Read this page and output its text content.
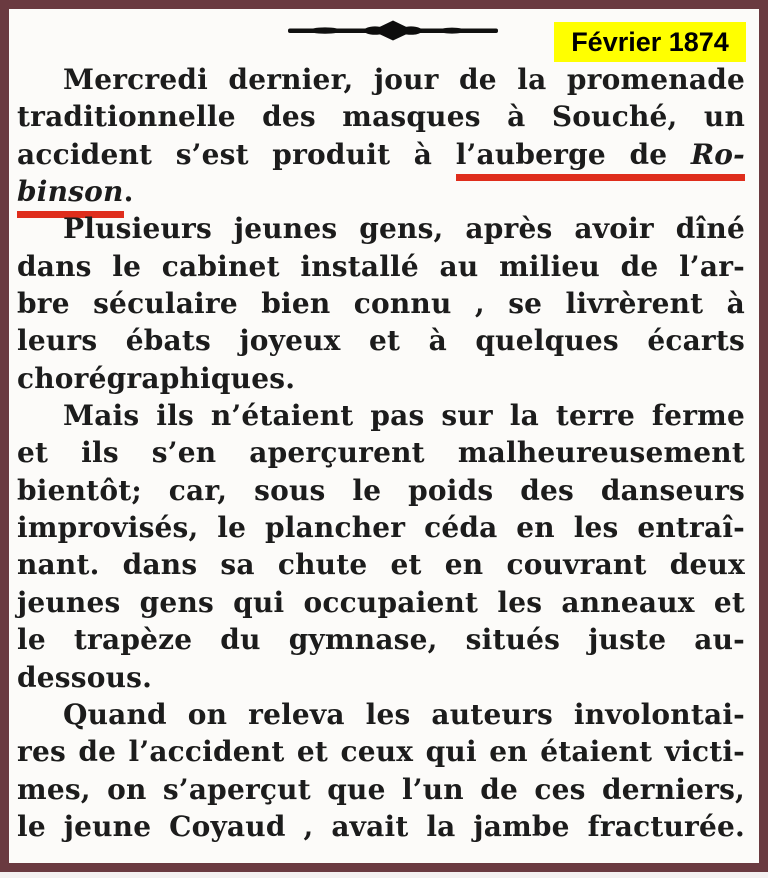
Février 1874
Mercredi dernier, jour de la promenade
traditionnelle des masques à Souché, un
accident s’est produit à l’auberge de Ro-
binson.
Plusieurs jeunes gens, après avoir dîné
dans le cabinet installé au milieu de l’ar-
bre séculaire bien connu , se livrèrent à
leurs ébats joyeux et à quelques écarts
chorégraphiques.
Mais ils n’étaient pas sur la terre ferme
et ils s’en aperçurent malheureusement
bientôt; car, sous le poids des danseurs
improvisés, le plancher céda en les entraî-
nant. dans sa chute et en couvrant deux
jeunes gens qui occupaient les anneaux et
le trapèze du gymnase, situés juste au-
dessous.
Quand on releva les auteurs involontai-
res de l’accident et ceux qui en étaient victi-
mes, on s’aperçut que l’un de ces derniers,
le jeune Coyaud , avait la jambe fracturée.
